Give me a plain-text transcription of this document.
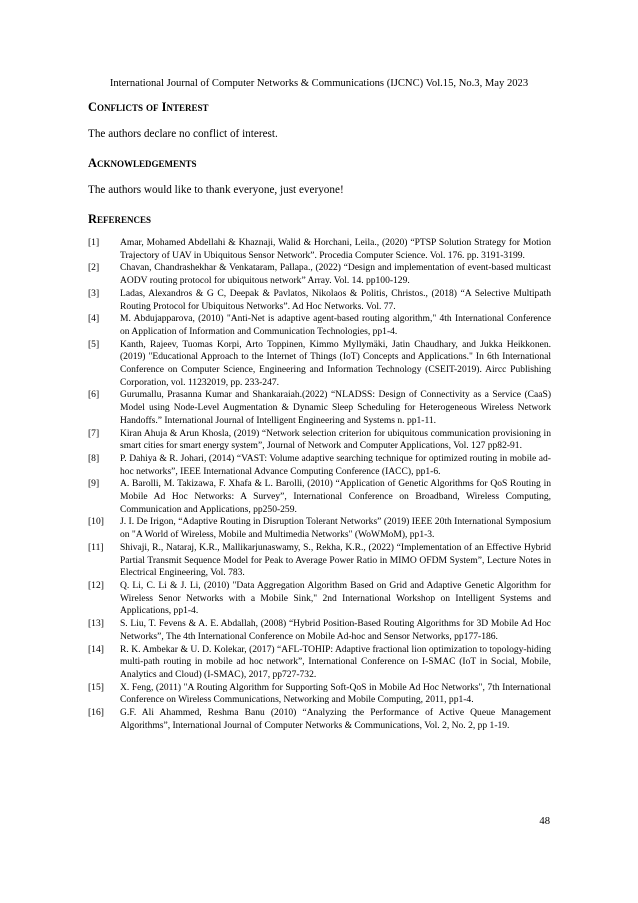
International Journal of Computer Networks & Communications (IJCNC) Vol.15, No.3, May 2023
Conflicts of Interest
The authors declare no conflict of interest.
Acknowledgements
The authors would like to thank everyone, just everyone!
References
[1]	Amar, Mohamed Abdellahi & Khaznaji, Walid & Horchani, Leila., (2020) “PTSP Solution Strategy for Motion Trajectory of UAV in Ubiquitous Sensor Network”. Procedia Computer Science. Vol. 176. pp. 3191-3199.
[2]	Chavan, Chandrashekhar & Venkataram, Pallapa., (2022) “Design and implementation of event-based multicast AODV routing protocol for ubiquitous network” Array. Vol. 14. pp100-129.
[3]	Ladas, Alexandros & G C, Deepak & Pavlatos, Nikolaos & Politis, Christos., (2018) “A Selective Multipath Routing Protocol for Ubiquitous Networks”. Ad Hoc Networks. Vol. 77.
[4]	M. Abdujapparova, (2010) "Anti-Net is adaptive agent-based routing algorithm," 4th International Conference on Application of Information and Communication Technologies, pp1-4.
[5]	Kanth, Rajeev, Tuomas Korpi, Arto Toppinen, Kimmo Myllymäki, Jatin Chaudhary, and Jukka Heikkonen.(2019) "Educational Approach to the Internet of Things (IoT) Concepts and Applications." In 6th International Conference on Computer Science, Engineering and Information Technology (CSEIT-2019). Aircc Publishing Corporation, vol. 11232019, pp. 233-247.
[6]	Gurumallu, Prasanna Kumar and Shankaraiah.(2022) “NLADSS: Design of Connectivity as a Service (CaaS) Model using Node-Level Augmentation & Dynamic Sleep Scheduling for Heterogeneous Wireless Network Handoffs.” International Journal of Intelligent Engineering and Systems n. pp1-11.
[7]	Kiran Ahuja & Arun Khosla, (2019) “Network selection criterion for ubiquitous communication provisioning in smart cities for smart energy system”, Journal of Network and Computer Applications, Vol. 127 pp82-91.
[8]	P. Dahiya & R. Johari, (2014) “VAST: Volume adaptive searching technique for optimized routing in mobile ad-hoc networks”, IEEE International Advance Computing Conference (IACC), pp1-6.
[9]	A. Barolli, M. Takizawa, F. Xhafa & L. Barolli, (2010) “Application of Genetic Algorithms for QoS Routing in Mobile Ad Hoc Networks: A Survey”, International Conference on Broadband, Wireless Computing, Communication and Applications, pp250-259.
[10]	J. I. De Irigon, “Adaptive Routing in Disruption Tolerant Networks” (2019) IEEE 20th International Symposium on "A World of Wireless, Mobile and Multimedia Networks" (WoWMoM), pp1-3.
[11]	Shivaji, R., Nataraj, K.R., Mallikarjunaswamy, S., Rekha, K.R., (2022) “Implementation of an Effective Hybrid Partial Transmit Sequence Model for Peak to Average Power Ratio in MIMO OFDM System”, Lecture Notes in Electrical Engineering, Vol. 783.
[12]	Q. Li, C. Li & J. Li, (2010) "Data Aggregation Algorithm Based on Grid and Adaptive Genetic Algorithm for Wireless Senor Networks with a Mobile Sink," 2nd International Workshop on Intelligent Systems and Applications, pp1-4.
[13]	S. Liu, T. Fevens & A. E. Abdallah, (2008) “Hybrid Position-Based Routing Algorithms for 3D Mobile Ad Hoc Networks”, The 4th International Conference on Mobile Ad-hoc and Sensor Networks, pp177-186.
[14]	R. K. Ambekar & U. D. Kolekar, (2017) “AFL-TOHIP: Adaptive fractional lion optimization to topology-hiding multi-path routing in mobile ad hoc network”, International Conference on I-SMAC (IoT in Social, Mobile, Analytics and Cloud) (I-SMAC), 2017, pp727-732.
[15]	X. Feng, (2011) "A Routing Algorithm for Supporting Soft-QoS in Mobile Ad Hoc Networks", 7th International Conference on Wireless Communications, Networking and Mobile Computing, 2011, pp1-4.
[16]	G.F. Ali Ahammed, Reshma Banu (2010) “Analyzing the Performance of Active Queue Management Algorithms”, International Journal of Computer Networks & Communications, Vol. 2, No. 2, pp 1-19.
48
